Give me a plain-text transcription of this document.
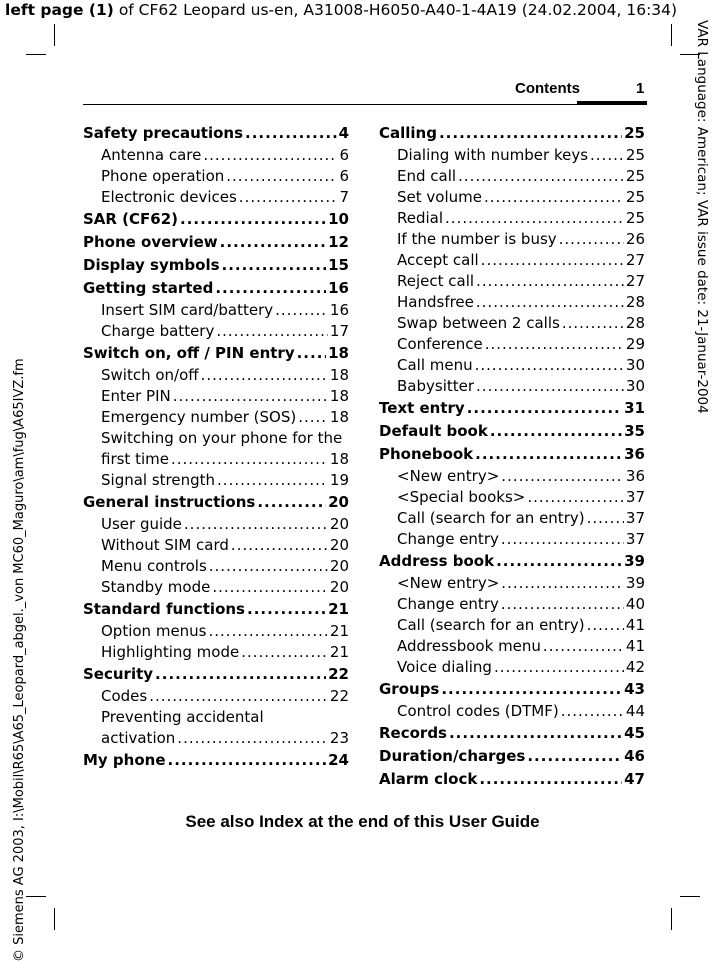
left page (1) of CF62 Leopard us-en, A31008-H6050-A40-1-4A19 (24.02.2004, 16:34)
VAR Language: American; VAR issue date: 21-Januar-2004
© Siemens AG 2003, I:\Mobil\R65\A65_Leopard_abgel._von MC60_Maguro\am\fug\A65IVZ.fm
Contents	1
Safety precautions .....	4
Antenna care .....	6
Phone operation .....	6
Electronic devices .....	7
SAR (CF62) .....	10
Phone overview .....	12
Display symbols .....	15
Getting started .....	16
Insert SIM card/battery .....	16
Charge battery .....	17
Switch on, off / PIN entry ..... 18
Switch on/off .....	18
Enter PIN .....	18
Emergency number (SOS) ..... 18
Switching on your phone for the
first time .....	18
Signal strength .....	19
General instructions .....	20
User guide .....	20
Without SIM card .....	20
Menu controls .....	20
Standby mode .....	20
Standard functions .....	21
Option menus .....	21
Highlighting mode .....	21
Security .....	22
Codes .....	22
Preventing accidental
activation .....	23
My phone .....	24
Calling .....	25
Dialing with number keys .....	25
End call .....	25
Set volume .....	25
Redial .....	25
If the number is busy .....	26
Accept call .....	27
Reject call .....	27
Handsfree .....	28
Swap between 2 calls .....	28
Conference .....	29
Call menu .....	30
Babysitter .....	30
Text entry .....	31
Default book .....	35
Phonebook .....	36
<New entry> .....	36
<Special books> .....	37
Call (search for an entry) .....	37
Change entry .....	37
Address book .....	39
<New entry> .....	39
Change entry .....	40
Call (search for an entry) .....	41
Addressbook menu .....	41
Voice dialing .....	42
Groups .....	43
Control codes (DTMF) .....	44
Records .....	45
Duration/charges .....	46
Alarm clock .....	47
See also Index at the end of this User Guide
